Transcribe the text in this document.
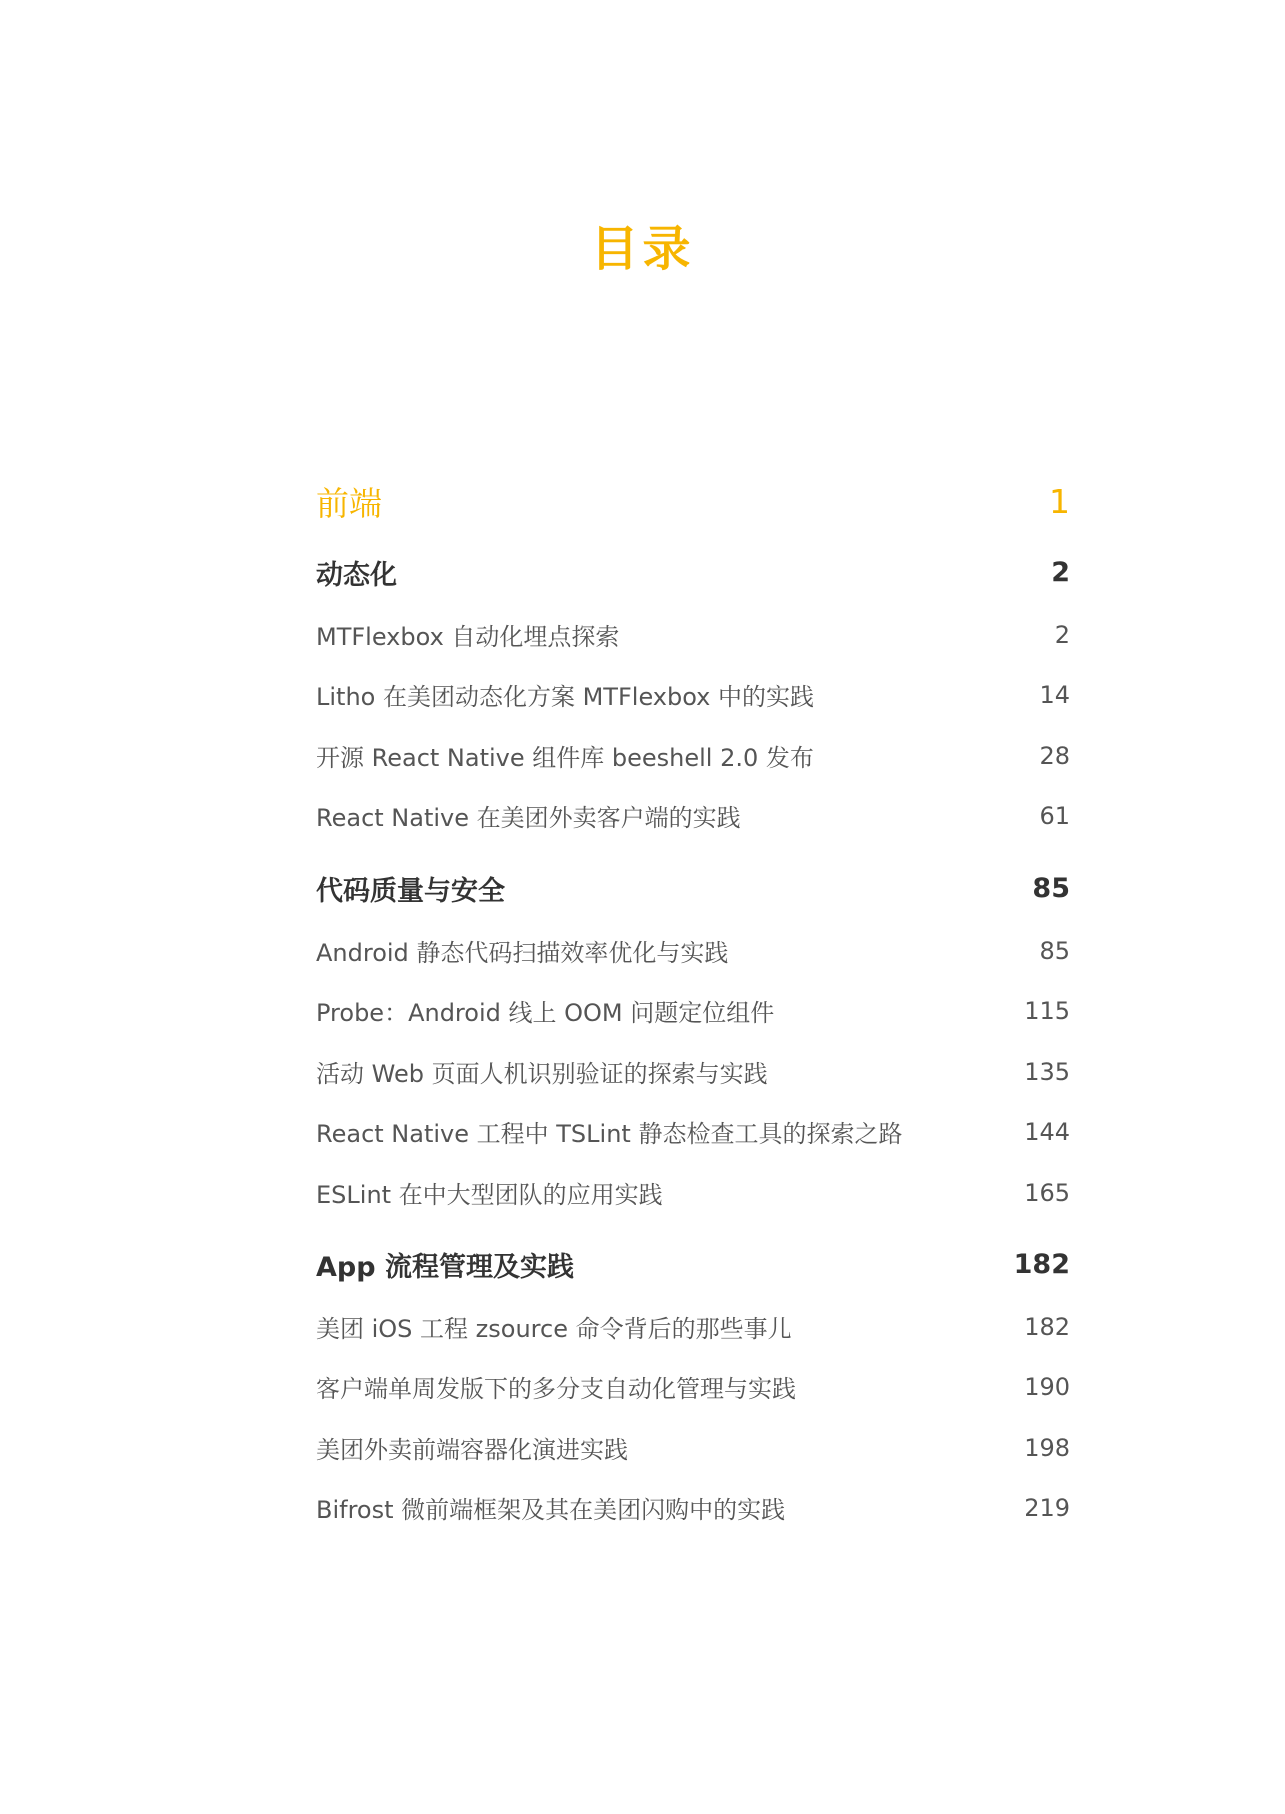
目录
前端	1
动态化	2
MTFlexbox 自动化埋点探索	2
Litho 在美团动态化方案 MTFlexbox 中的实践	14
开源 React Native 组件库 beeshell 2.0 发布	28
React Native 在美团外卖客户端的实践	61
代码质量与安全	85
Android 静态代码扫描效率优化与实践	85
Probe：Android 线上 OOM 问题定位组件	115
活动 Web 页面人机识别验证的探索与实践	135
React Native 工程中 TSLint 静态检查工具的探索之路	144
ESLint 在中大型团队的应用实践	165
App 流程管理及实践	182
美团 iOS 工程 zsource 命令背后的那些事儿	182
客户端单周发版下的多分支自动化管理与实践	190
美团外卖前端容器化演进实践	198
Bifrost 微前端框架及其在美团闪购中的实践	219
